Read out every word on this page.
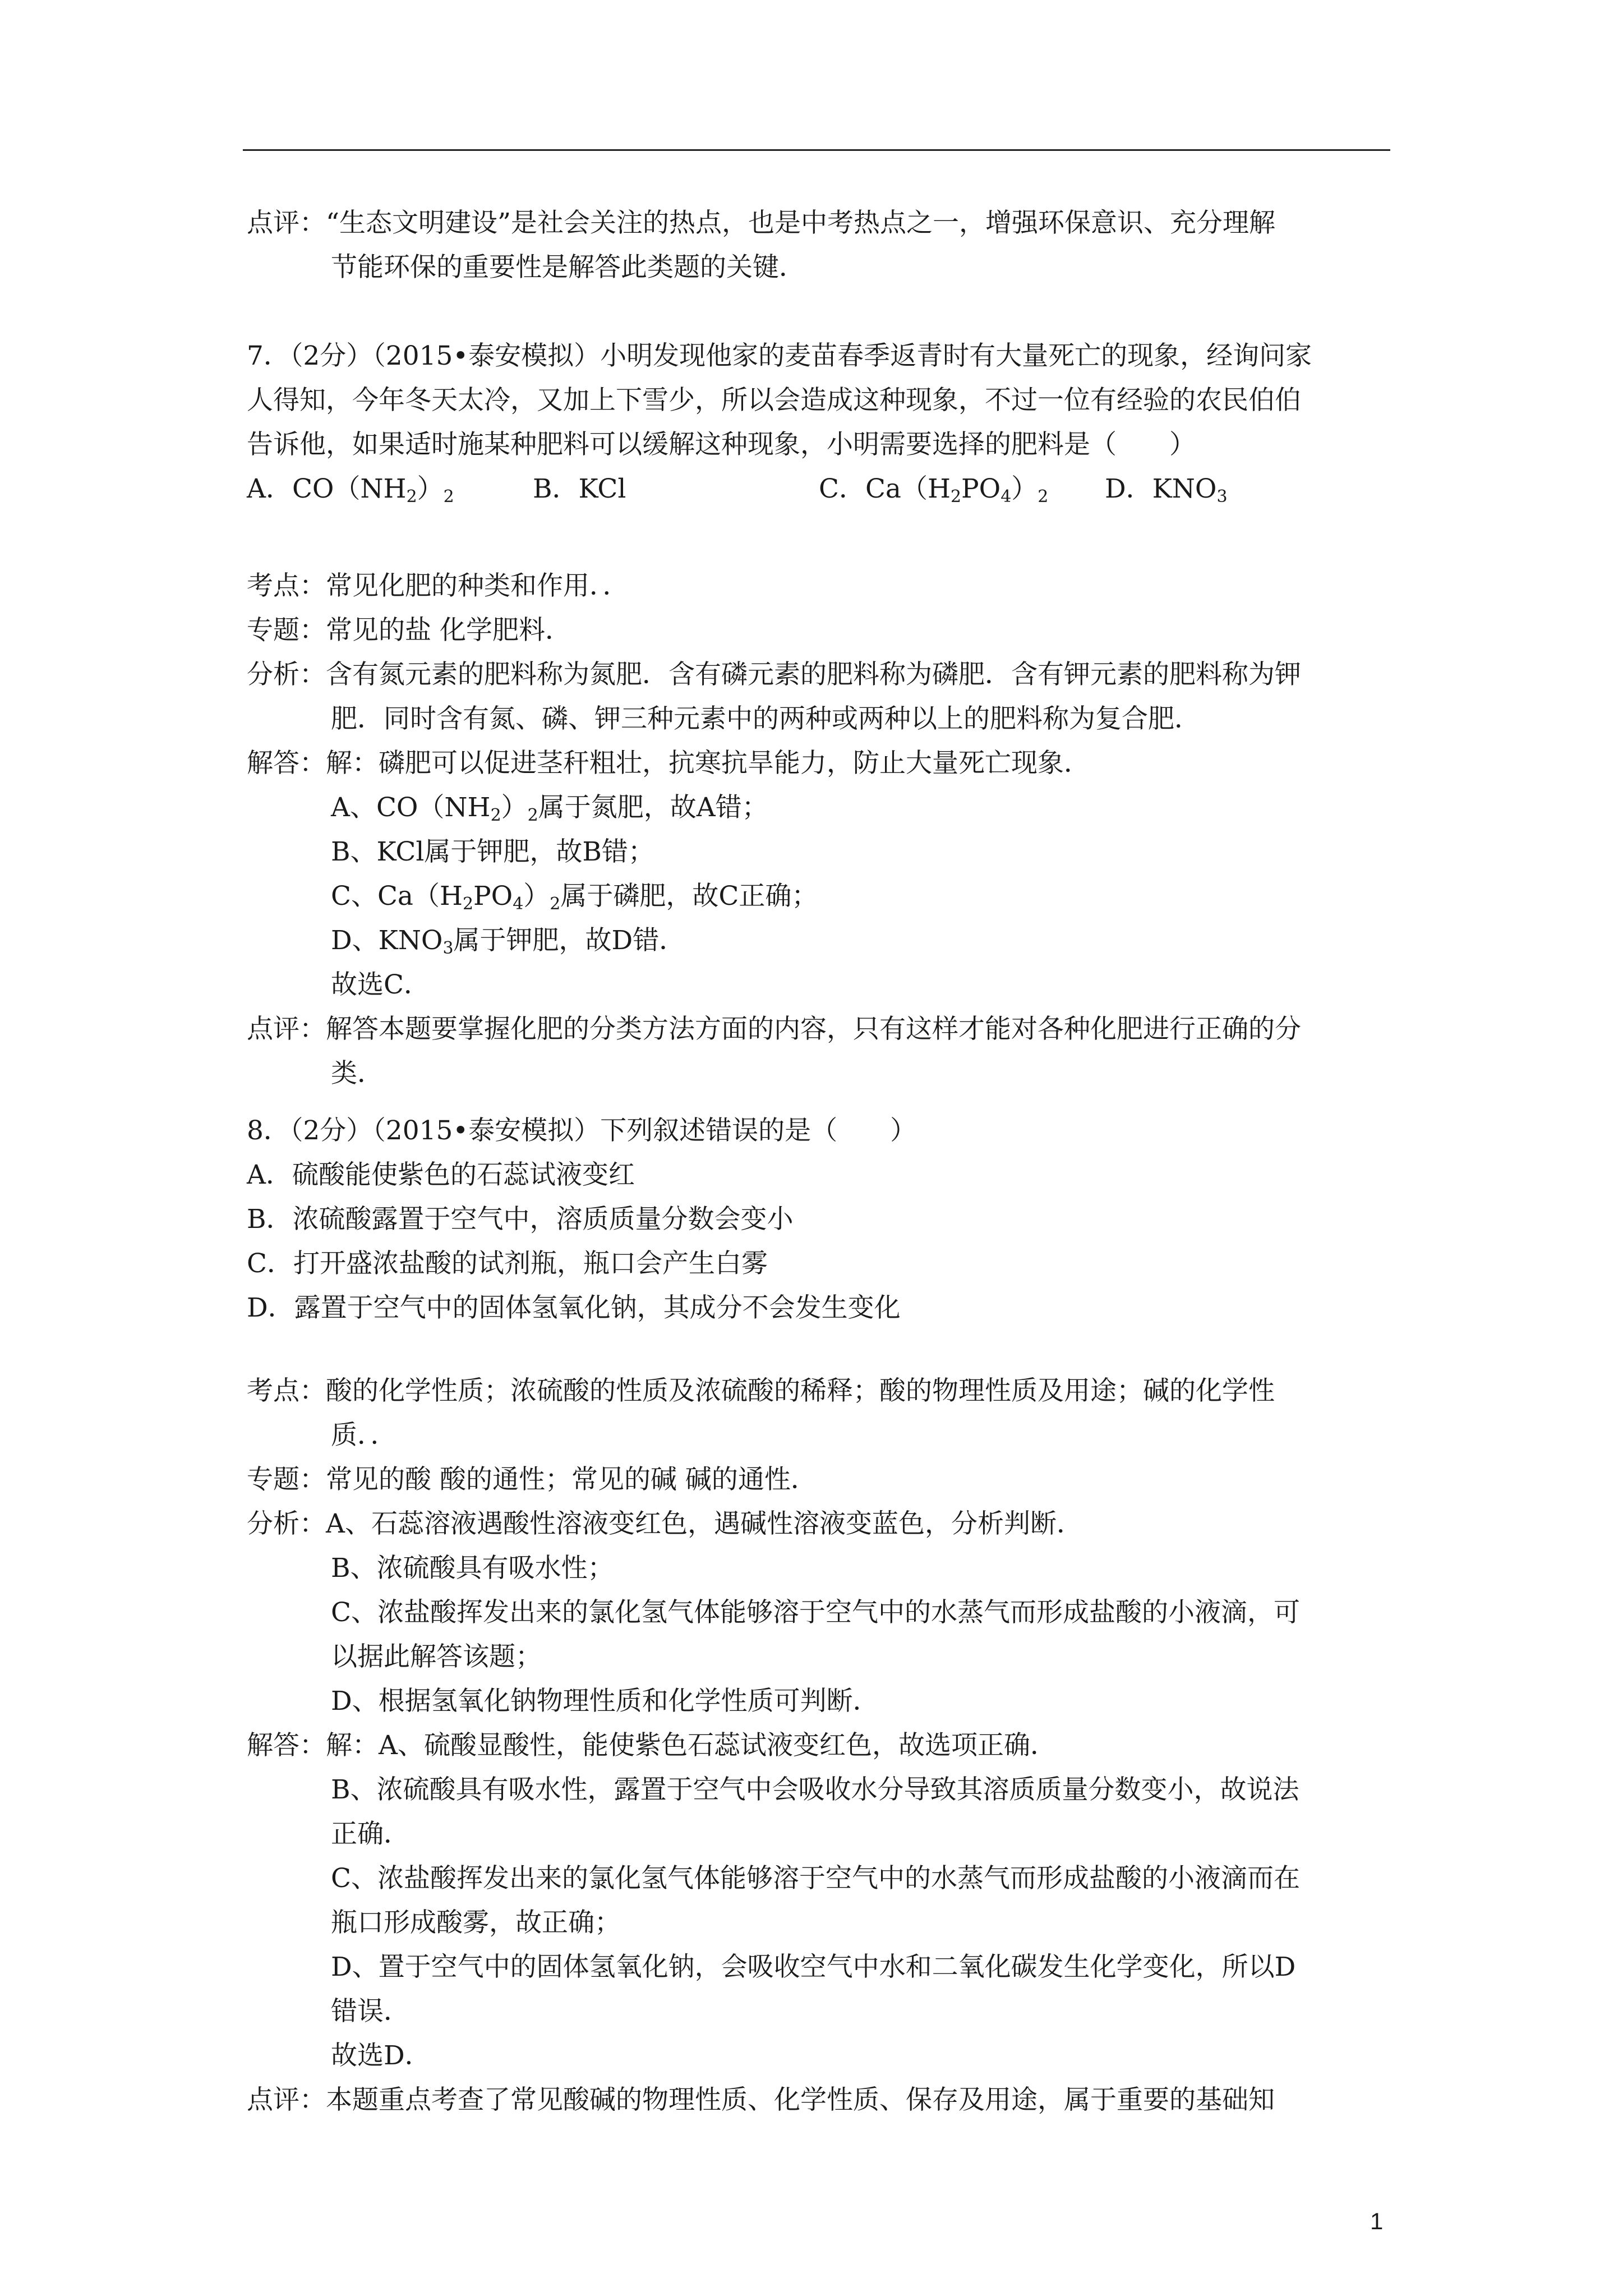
点评：“生态文明建设”是社会关注的热点，也是中考热点之一，增强环保意识、充分理解
节能环保的重要性是解答此类题的关键．
7．（2分）（2015•泰安模拟）小明发现他家的麦苗春季返青时有大量死亡的现象，经询问家
人得知，今年冬天太冷，又加上下雪少，所以会造成这种现象，不过一位有经验的农民伯伯
告诉他，如果适时施某种肥料可以缓解这种现象，小明需要选择的肥料是（　　）
A．$CO(NH_2)_2$	B．KCl	C．$Ca(H_2PO_4)_2$	D．$KNO_3$
考点：常见化肥的种类和作用．．
专题：常见的盐 化学肥料．
分析：含有氮元素的肥料称为氮肥．含有磷元素的肥料称为磷肥．含有钾元素的肥料称为钾
肥．同时含有氮、磷、钾三种元素中的两种或两种以上的肥料称为复合肥．
解答：解：磷肥可以促进茎秆粗壮，抗寒抗旱能力，防止大量死亡现象．
A、$CO(NH_2)_2$属于氮肥，故A错；
B、KCl属于钾肥，故B错；
C、$Ca(H_2PO_4)_2$属于磷肥，故C正确；
D、$KNO_3$属于钾肥，故D错．
故选C．
点评：解答本题要掌握化肥的分类方法方面的内容，只有这样才能对各种化肥进行正确的分
类．
8．（2分）（2015•泰安模拟）下列叙述错误的是（　　）
A．硫酸能使紫色的石蕊试液变红
B．浓硫酸露置于空气中，溶质质量分数会变小
C．打开盛浓盐酸的试剂瓶，瓶口会产生白雾
D．露置于空气中的固体氢氧化钠，其成分不会发生变化
考点：酸的化学性质；浓硫酸的性质及浓硫酸的稀释；酸的物理性质及用途；碱的化学性
质．．
专题：常见的酸 酸的通性；常见的碱 碱的通性．
分析：A、石蕊溶液遇酸性溶液变红色，遇碱性溶液变蓝色，分析判断．
B、浓硫酸具有吸水性；
C、浓盐酸挥发出来的氯化氢气体能够溶于空气中的水蒸气而形成盐酸的小液滴，可
以据此解答该题；
D、根据氢氧化钠物理性质和化学性质可判断．
解答：解：A、硫酸显酸性，能使紫色石蕊试液变红色，故选项正确．
B、浓硫酸具有吸水性，露置于空气中会吸收水分导致其溶质质量分数变小，故说法
正确．
C、浓盐酸挥发出来的氯化氢气体能够溶于空气中的水蒸气而形成盐酸的小液滴而在
瓶口形成酸雾，故正确；
D、置于空气中的固体氢氧化钠，会吸收空气中水和二氧化碳发生化学变化，所以D
错误．
故选D．
点评：本题重点考查了常见酸碱的物理性质、化学性质、保存及用途，属于重要的基础知
1
